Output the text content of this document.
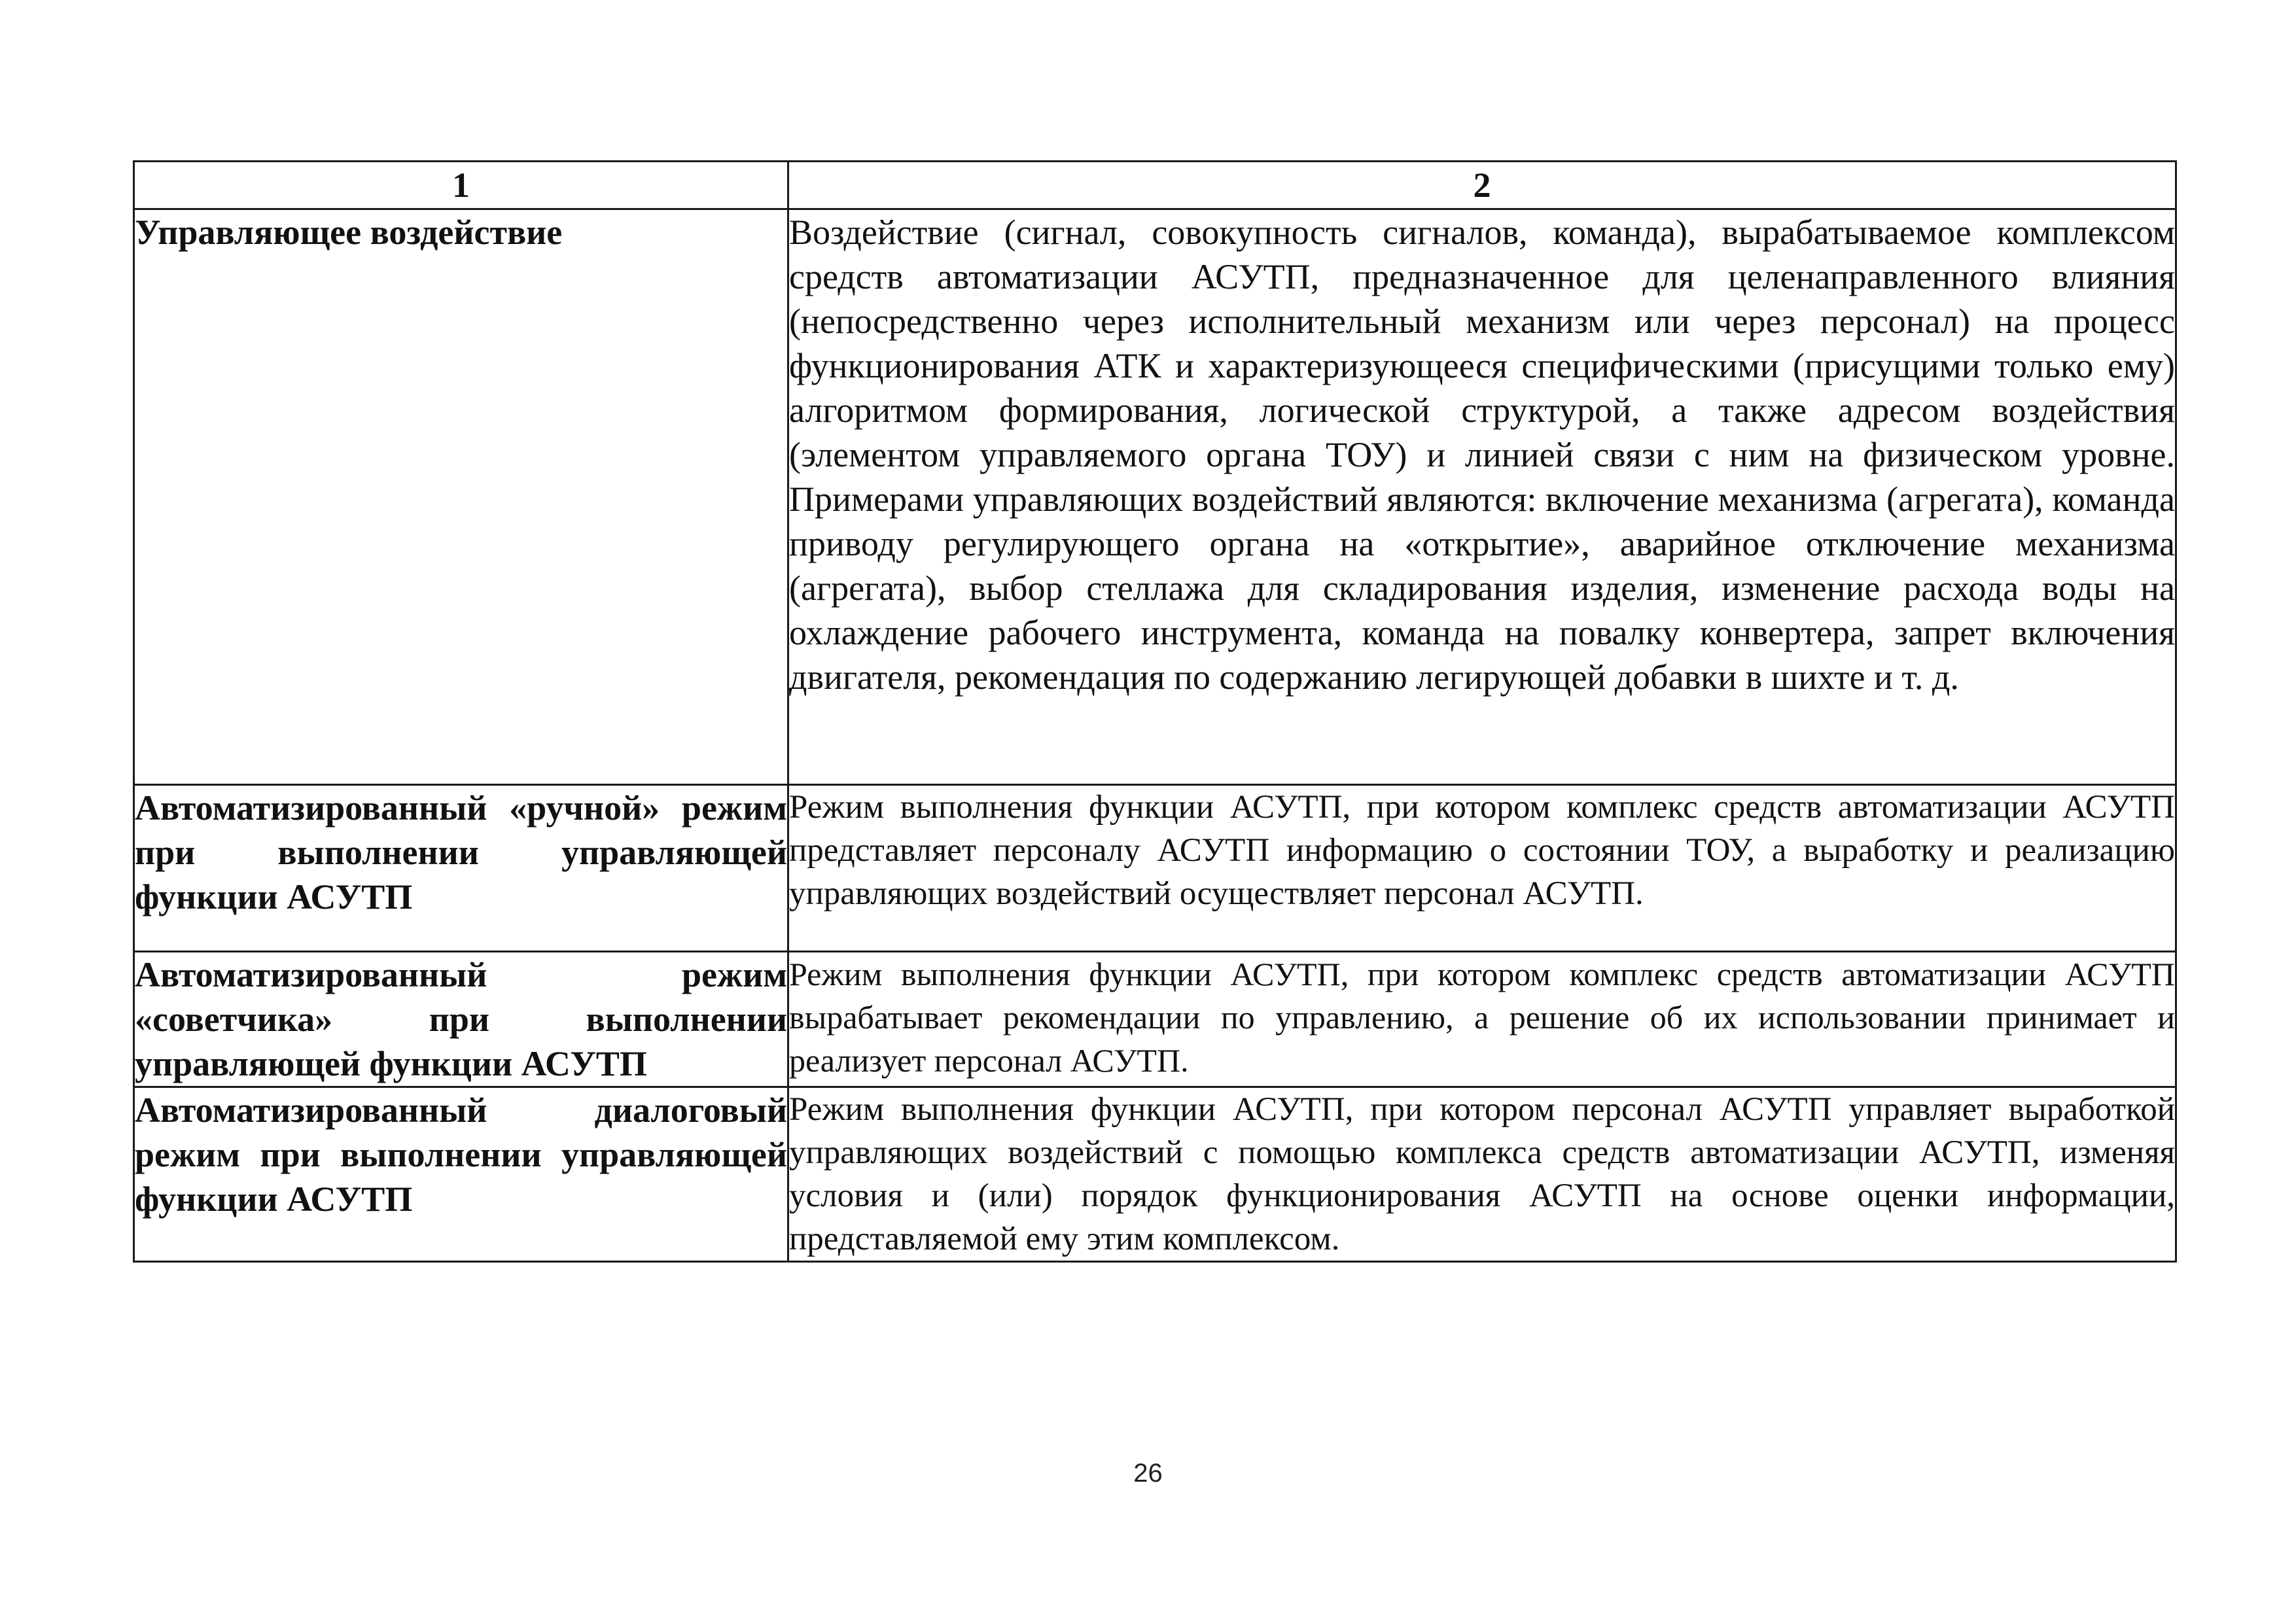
1	2
Управляющее воздействие	Воздействие (сигнал, совокупность сигналов, команда), вырабатываемое комплексом средств автоматизации АСУТП, предназначенное для целенаправленного влияния (непосредственно через исполнительный механизм или через персонал) на процесс функционирования АТК и характеризующееся специфическими (присущими только ему) алгоритмом формирования, логической структурой, а также адресом воздействия (элементом управляемого органа ТОУ) и линией связи с ним на физическом уровне. Примерами управляющих воздействий являются: включение механизма (агрегата), команда приводу регулирующего органа на «открытие», аварийное отключение механизма (агрегата), выбор стеллажа для складирования изделия, изменение расхода воды на охлаждение рабочего инструмента, команда на повалку конвертера, запрет включения двигателя, рекомендация по содержанию легирующей добавки в шихте и т. д.
Автоматизированный «ручной» режим при выполнении управляющей функции АСУТП	Режим выполнения функции АСУТП, при котором комплекс средств автоматизации АСУТП представляет персоналу АСУТП информацию о состоянии ТОУ, а выработку и реализацию управляющих воздействий осуществляет персонал АСУТП.
Автоматизированный режим «советчика» при выполнении управляющей функции АСУТП	Режим выполнения функции АСУТП, при котором комплекс средств автоматизации АСУТП вырабатывает рекомендации по управлению, а решение об их использовании принимает и реализует персонал АСУТП.
Автоматизированный диалоговый режим при выполнении управляющей функции АСУТП	Режим выполнения функции АСУТП, при котором персонал АСУТП управляет выработкой управляющих воздействий с помощью комплекса средств автоматизации АСУТП, изменяя условия и (или) порядок функционирования АСУТП на основе оценки информации, представляемой ему этим комплексом.
26
